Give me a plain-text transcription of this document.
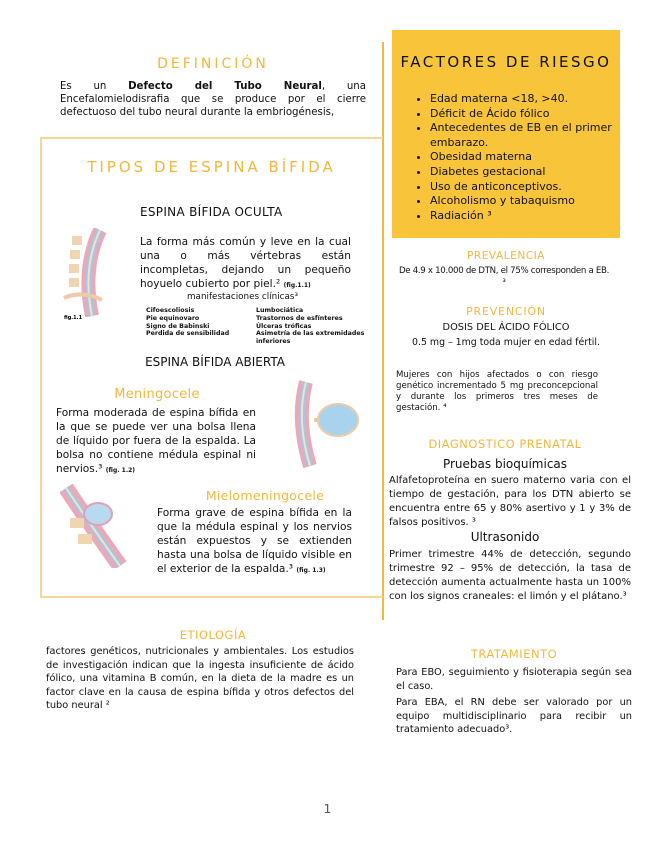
DEFINICIÓN

Es un Defecto del Tubo Neural, una Encefalomielodisrafia que se produce por el cierre defectuoso del tubo neural durante la embriogénesis,

FACTORES DE RIESGO
• Edad materna <18, >40.
• Déficit de Ácido fólico
• Antecedentes de EB en el primer embarazo.
• Obesidad materna
• Diabetes gestacional
• Uso de anticonceptivos.
• Alcoholismo y tabaquismo
• Radiación ³
TIPOS DE ESPINA BÍFIDA
ESPINA BÍFIDA OCULTA
fig.1.1

La forma más común y leve en la cual una o más vértebras están incompletas, dejando un pequeño hoyuelo cubierto por piel.² (fig.1.1)

manifestaciones clínicas³
Cifoescoliosis
Pie equinovaro
Signo de Babinski
Perdida de sensibilidad
Lumbociática
Trastornos de esfínteres
Úlceras tróficas
Asimetría de las extremidades inferiores
ESPINA BÍFIDA ABIERTA
Meningocele

Forma moderada de espina bífida en la que se puede ver una bolsa llena de líquido por fuera de la espalda. La bolsa no contiene médula espinal ni nervios.³ (fig. 1.2)

Mielomeningocele

Forma grave de espina bífida en la que la médula espinal y los nervios están expuestos y se extienden hasta una bolsa de líquido visible en el exterior de la espalda.³ (fig. 1.3)

PREVALENCIA
De 4.9 x 10.000 de DTN, el 75% corresponden a EB. ³
PREVENCIÓN
DOSIS DEL ÁCIDO FÓLICO
0.5 mg – 1mg toda mujer en edad fértil.

Mujeres con hijos afectados o con riesgo genético incrementado 5 mg preconcepcional y durante los primeros tres meses de gestación. ⁴

DIAGNOSTICO PRENATAL
Pruebas bioquímicas

Alfafetoproteína en suero materno varia con el tiempo de gestación, para los DTN abierto se encuentra entre 65 y 80% asertivo y 1 y 3% de falsos positivos. ³

Ultrasonido

Primer trimestre 44% de detección, segundo trimestre 92 – 95% de detección, la tasa de detección aumenta actualmente hasta un 100% con los signos craneales: el limón y el plátano.³

ETIOLOGÍA

factores genéticos, nutricionales y ambientales. Los estudios de investigación indican que la ingesta insuficiente de ácido fólico, una vitamina B común, en la dieta de la madre es un factor clave en la causa de espina bífida y otros defectos del tubo neural ²

TRATAMIENTO

Para EBO, seguimiento y fisioterapia según sea el caso.

Para EBA, el RN debe ser valorado por un equipo multidisciplinario para recibir un tratamiento adecuado³.

1
